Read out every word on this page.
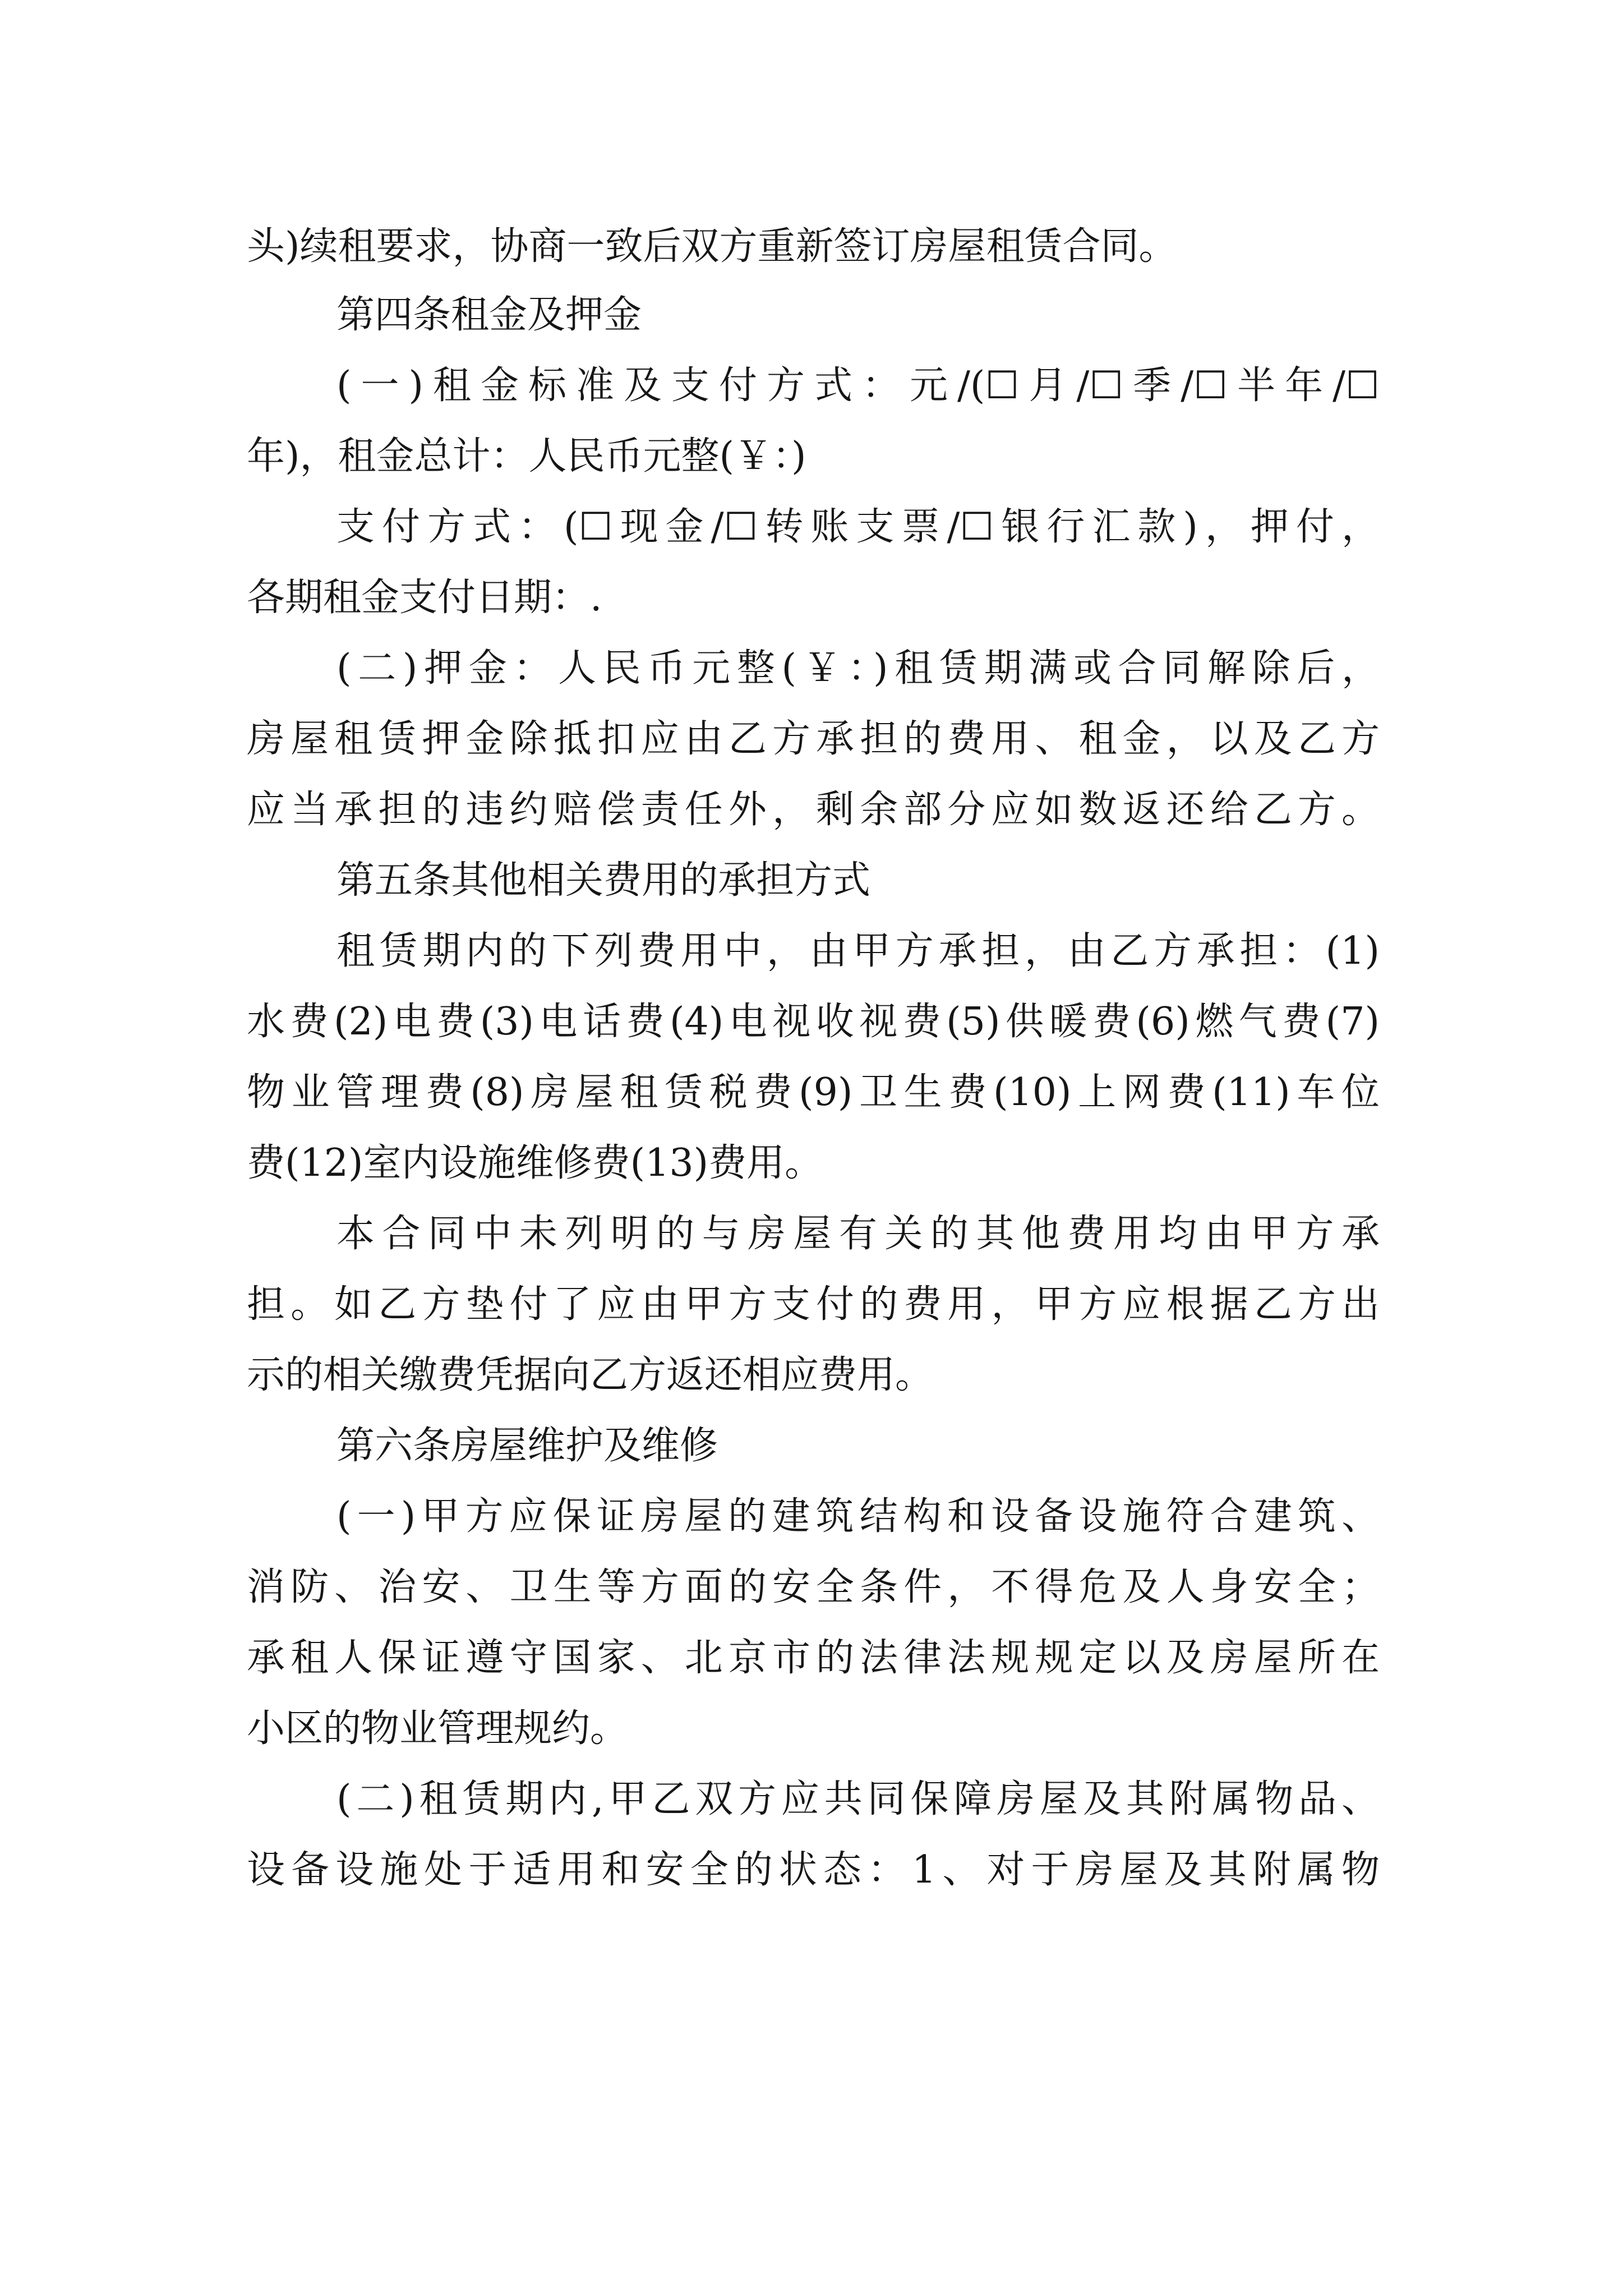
头)续租要求，协商一致后双方重新签订房屋租赁合同。
第四条租金及押金
(一)租金标准及支付方式：元/(☐月/☐季/☐半年/☐
年)，租金总计：人民币元整(￥：)
支付方式：(☐现金/☐转账支票/☐银行汇款)，押付，
各期租金支付日期：.
(二)押金：人民币元整(￥：)租赁期满或合同解除后，
房屋租赁押金除抵扣应由乙方承担的费用、租金，以及乙方
应当承担的违约赔偿责任外，剩余部分应如数返还给乙方。
第五条其他相关费用的承担方式
租赁期内的下列费用中，由甲方承担，由乙方承担：(1)
水费(2)电费(3)电话费(4)电视收视费(5)供暖费(6)燃气费(7)
物业管理费(8)房屋租赁税费(9)卫生费(10)上网费(11)车位
费(12)室内设施维修费(13)费用。
本合同中未列明的与房屋有关的其他费用均由甲方承
担。如乙方垫付了应由甲方支付的费用，甲方应根据乙方出
示的相关缴费凭据向乙方返还相应费用。
第六条房屋维护及维修
(一)甲方应保证房屋的建筑结构和设备设施符合建筑、
消防、治安、卫生等方面的安全条件，不得危及人身安全；
承租人保证遵守国家、北京市的法律法规规定以及房屋所在
小区的物业管理规约。
(二)租赁期内,甲乙双方应共同保障房屋及其附属物品、
设备设施处于适用和安全的状态：1、对于房屋及其附属物
